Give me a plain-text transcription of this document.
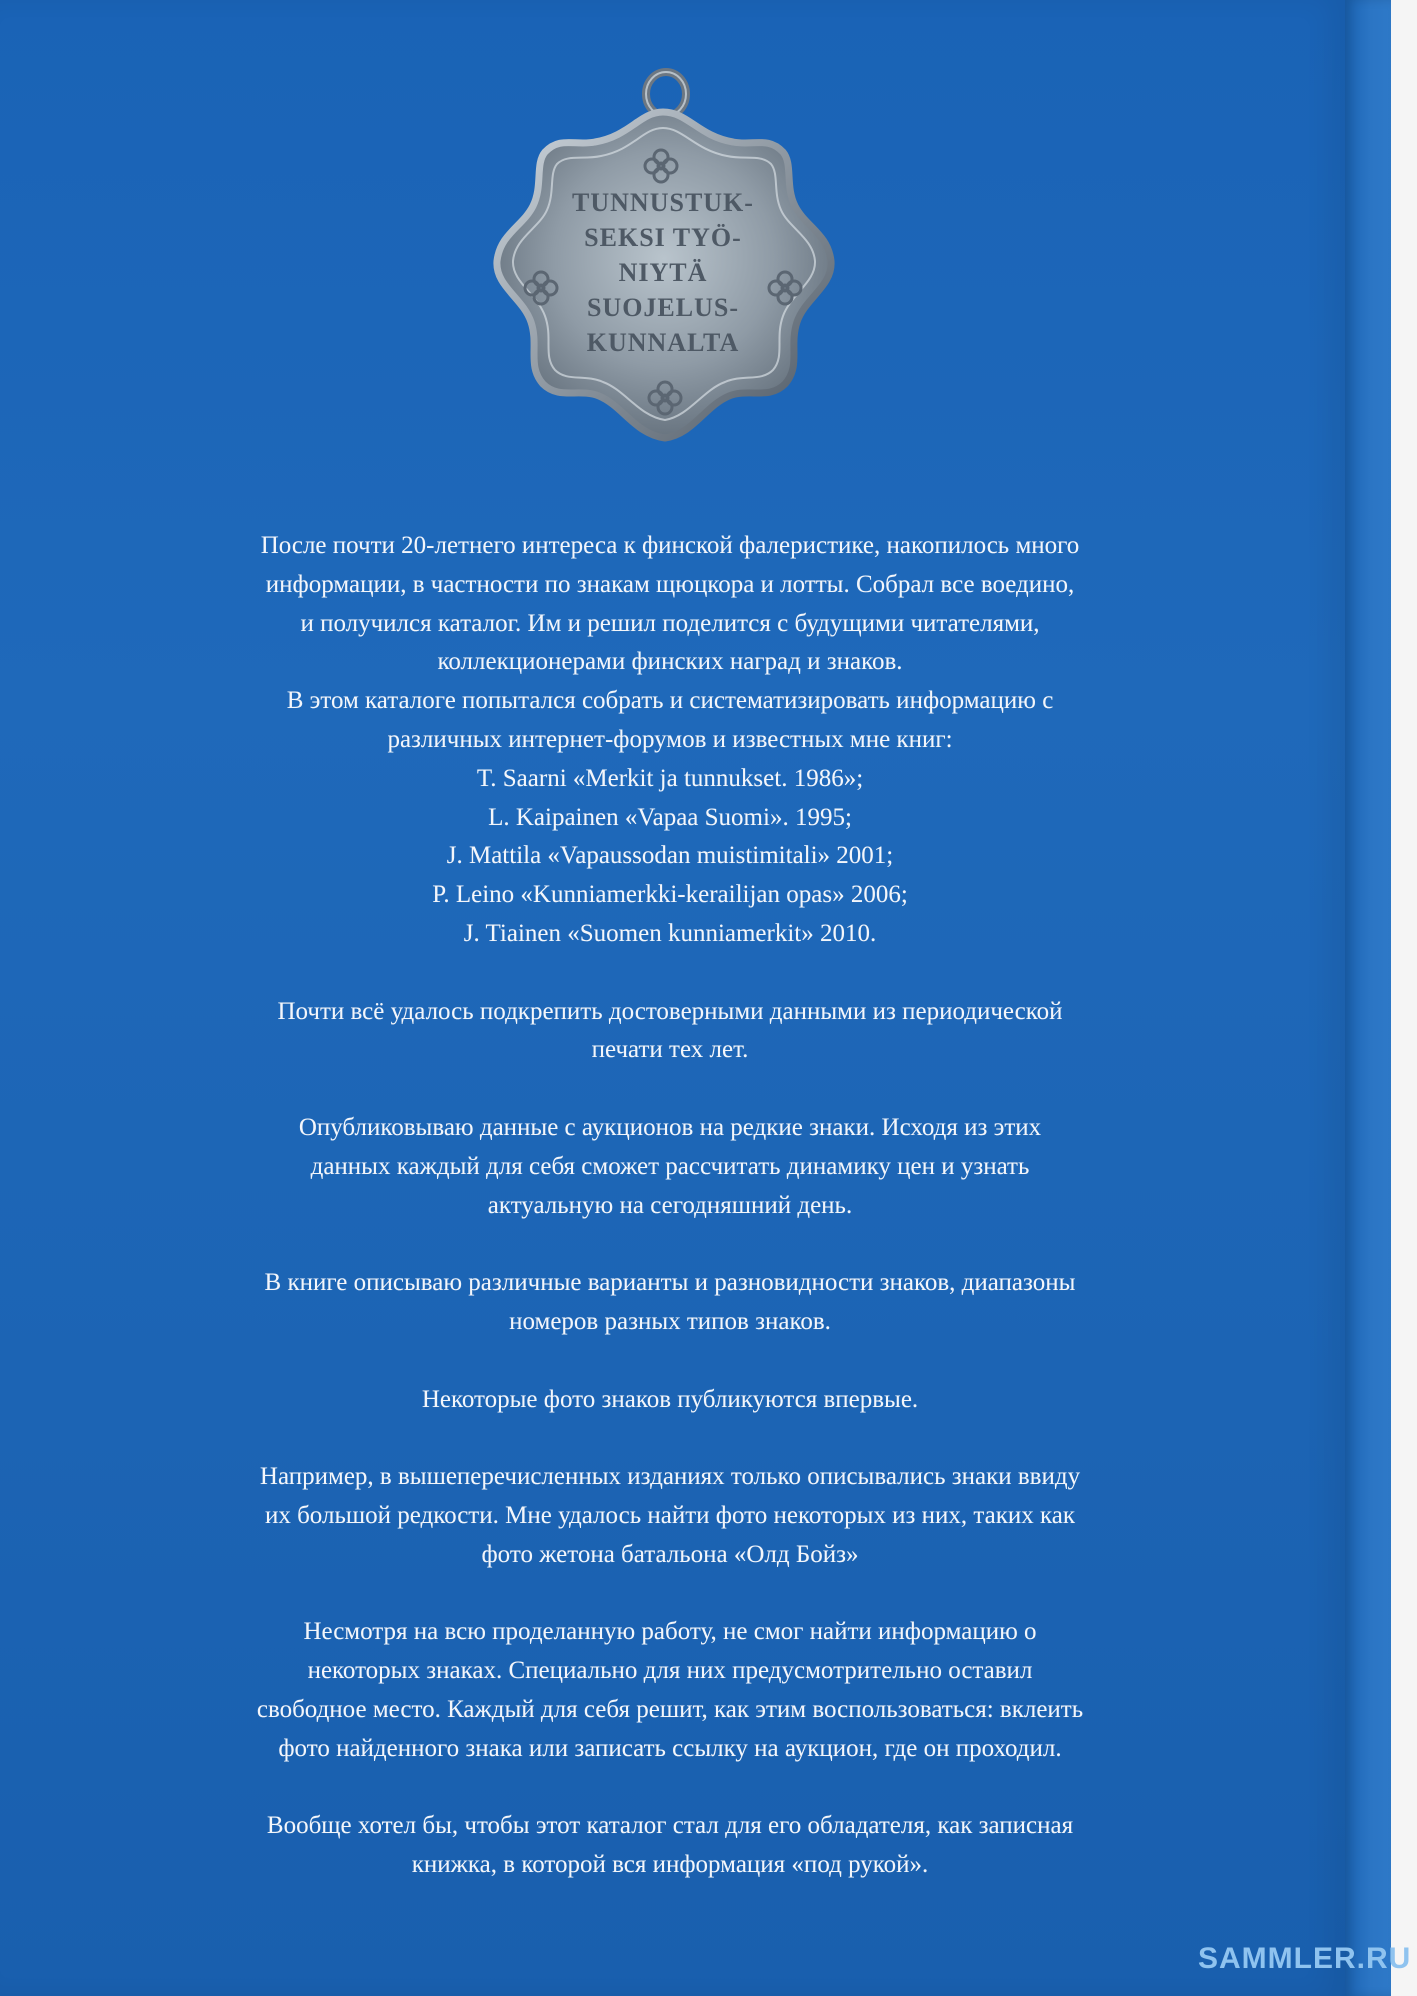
TUNNUSTUK-
SEKSI TYÖ-
NIYTÄ
SUOJELUS-
KUNNALTA
После почти 20-летнего интереса к финской фалеристике, накопилось много
информации, в частности по знакам щюцкора и лотты. Собрал все воедино,
и получился каталог. Им и решил поделится с будущими читателями,
коллекционерами финских наград и знаков.
В этом каталоге попытался собрать и систематизировать информацию с
различных интернет-форумов и известных мне книг:
T. Saarni «Merkit ja tunnukset. 1986»;
L. Kaipainen «Vapaa Suomi». 1995;
J. Mattila «Vapaussodan muistimitali» 2001;
P. Leino «Kunniamerkki-kerailijan opas» 2006;
J. Tiainen «Suomen kunniamerkit» 2010.
Почти всё удалось подкрепить достоверными данными из периодической
печати тех лет.
Опубликовываю данные с аукционов на редкие знаки. Исходя из этих
данных каждый для себя сможет рассчитать динамику цен и узнать
актуальную на сегодняшний день.
В книге описываю различные варианты и разновидности знаков, диапазоны
номеров разных типов знаков.
Некоторые фото знаков публикуются впервые.
Например, в вышеперечисленных изданиях только описывались знаки ввиду
их большой редкости. Мне удалось найти фото некоторых из них, таких как
фото жетона батальона «Олд Бойз»
Несмотря на всю проделанную работу, не смог найти информацию о
некоторых знаках. Специально для них предусмотрительно оставил
свободное место. Каждый для себя решит, как этим воспользоваться: вклеить
фото найденного знака или записать ссылку на аукцион, где он проходил.
Вообще хотел бы, чтобы этот каталог стал для его обладателя, как записная
книжка, в которой вся информация «под рукой».
SAMMLER.RU
